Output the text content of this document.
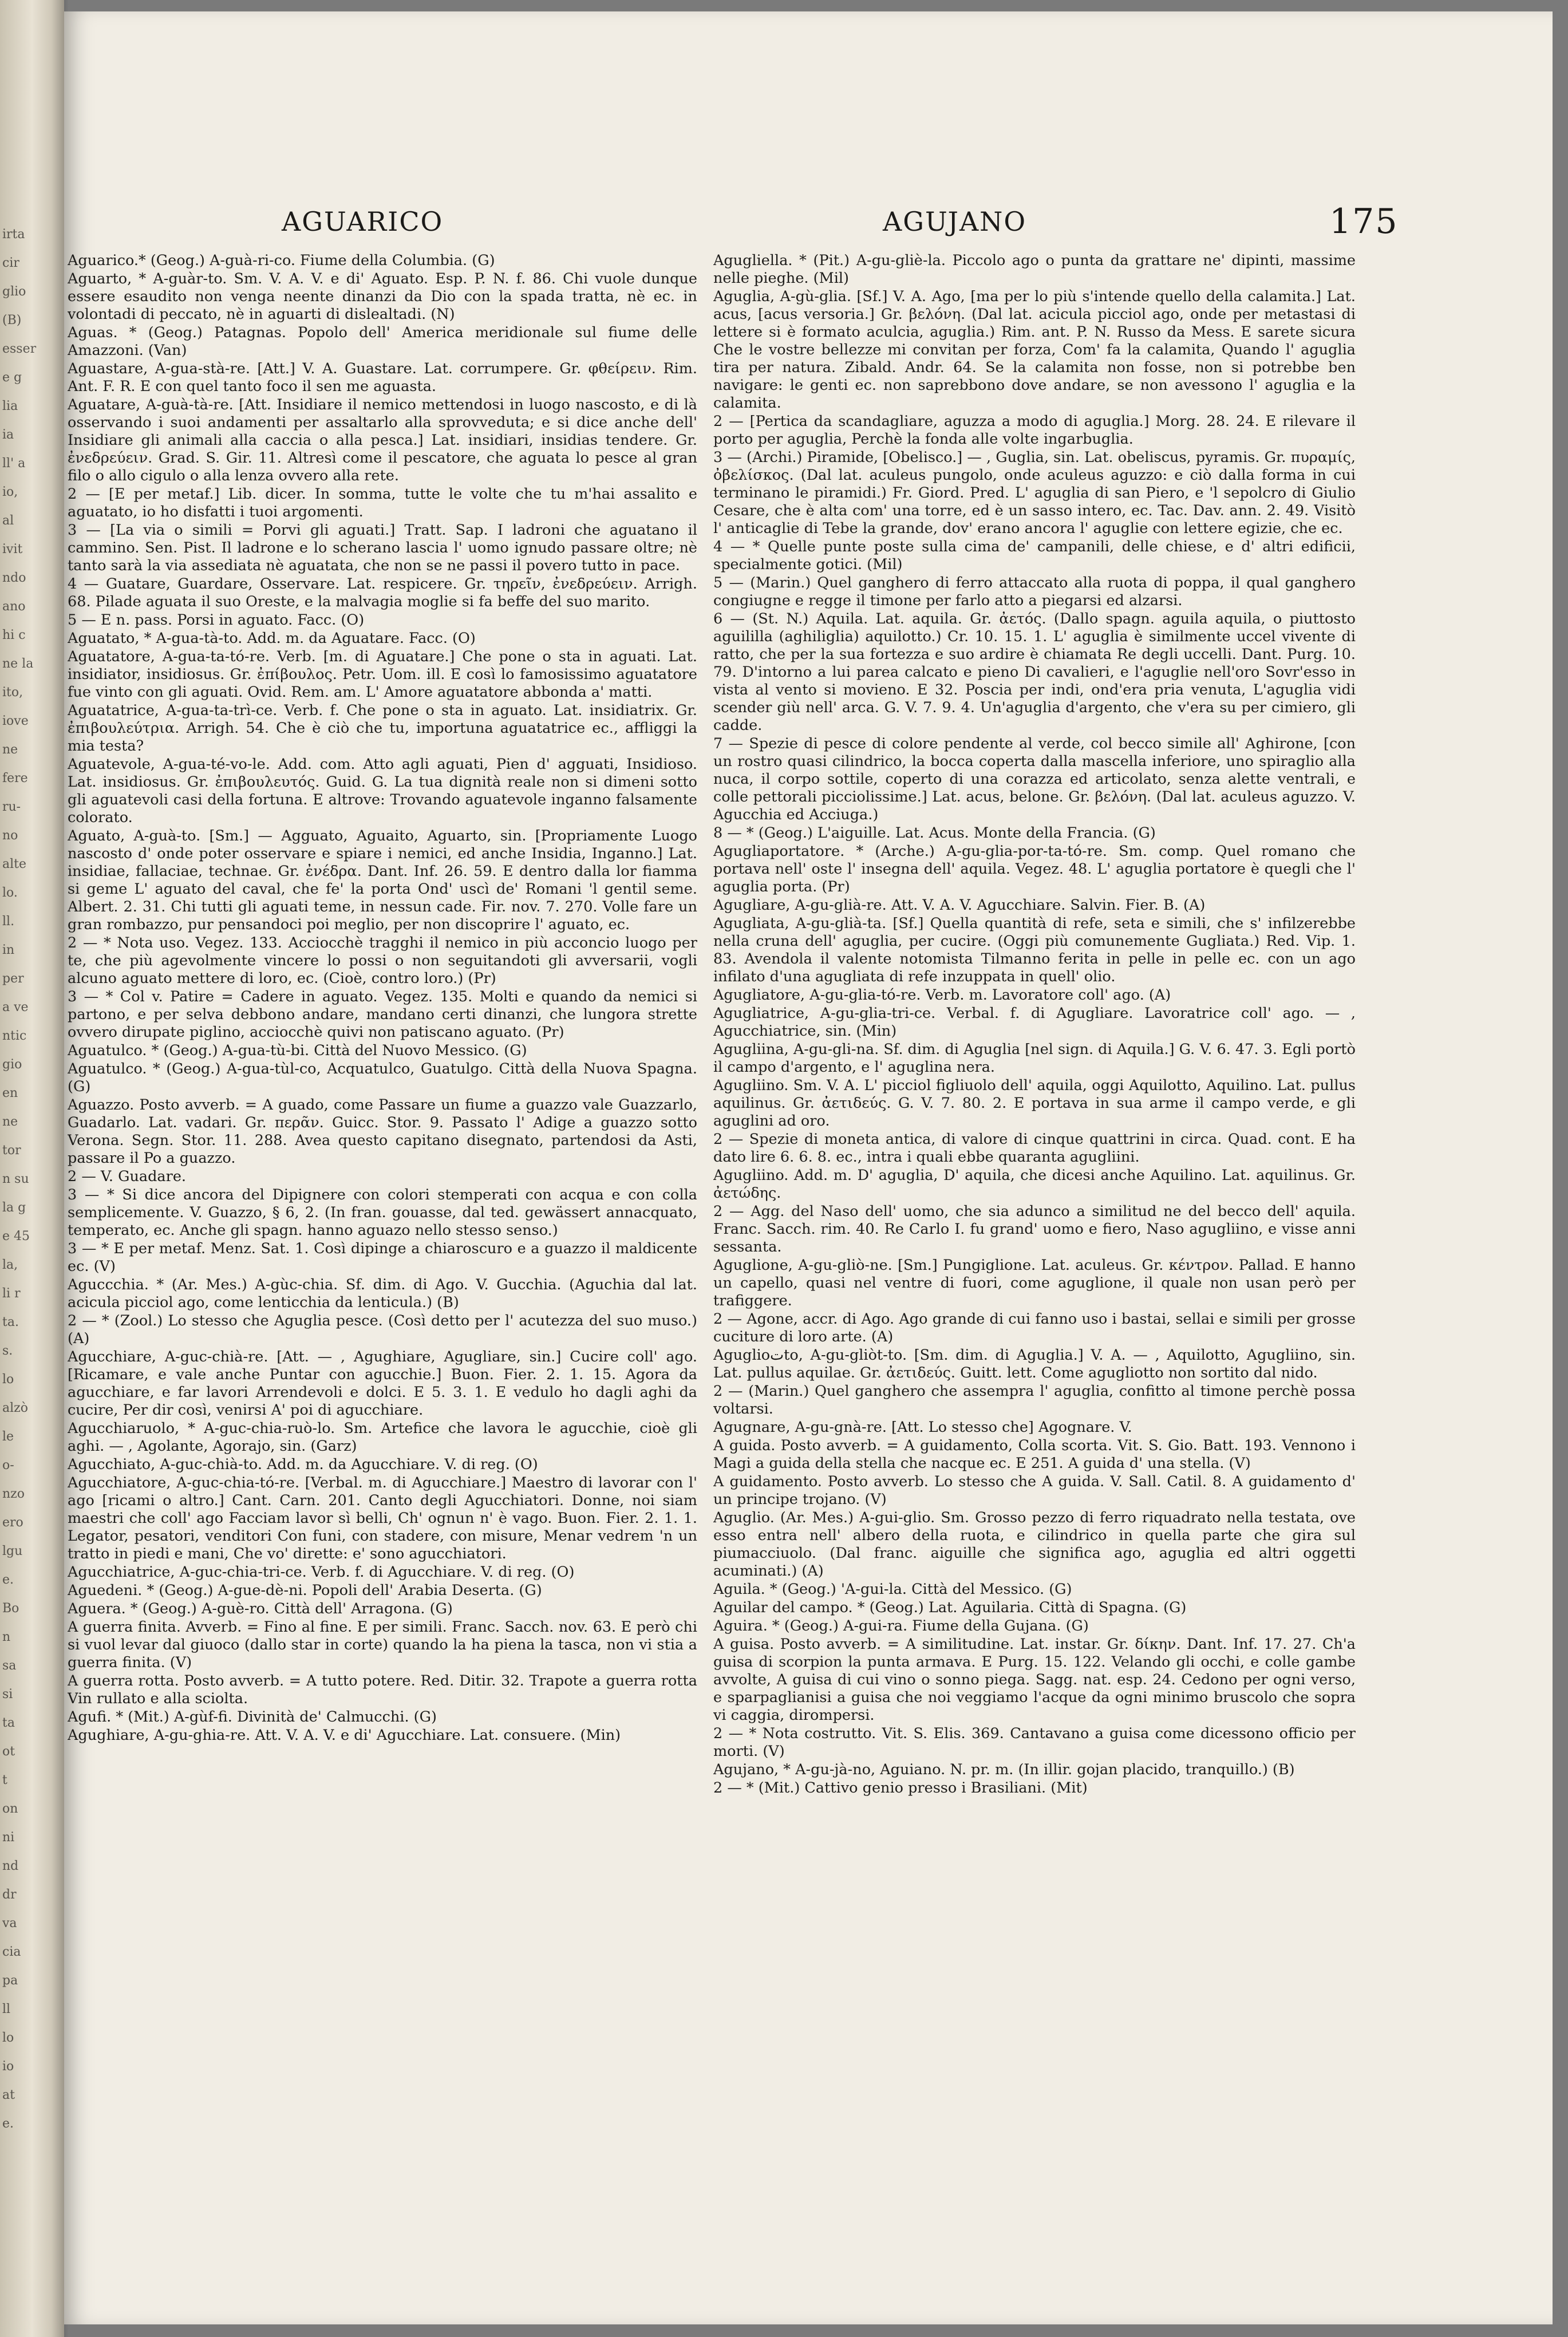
irta
cir
glio
(B)
esser
e g
lia
ia
ll' a
io,
al
ivit
ndo
ano
hi c
ne la
ito,
iove
ne
fere
ru-
no
alte
lo.
ll.
in
per
a ve
ntic
gio
en
ne
tor
n su
la g
e 45
la,
li r
ta.
s.
lo
alzò
le
o-
nzo
ero
lgu
e.
Bo
n
sa
si
ta
ot
t
on
ni
nd
dr
va
cia
pa
ll
lo
io
at
e.
AGUARICO	AGUJANO	175

Aguarico.* (Geog.) A-guà-ri-co. Fiume della Columbia. (G)

Aguarto, * A-guàr-to. Sm. V. A. V. e di' Aguato. Esp. P. N. f. 86. Chi vuole dunque essere esaudito non venga neente dinanzi da Dio con la spada tratta, nè ec. in volontadi di peccato, nè in aguarti di dislealtadi. (N)

Aguas. * (Geog.) Patagnas. Popolo dell' America meridionale sul fiume delle Amazzoni. (Van)

Aguastare, A-gua-stà-re. [Att.] V. A. Guastare. Lat. corrumpere. Gr. φθείρειν. Rim. Ant. F. R. E con quel tanto foco il sen me aguasta.

Aguatare, A-guà-tà-re. [Att. Insidiare il nemico mettendosi in luogo nascosto, e di là osservando i suoi andamenti per assaltarlo alla sprovveduta; e si dice anche dell' Insidiare gli animali alla caccia o alla pesca.] Lat. insidiari, insidias tendere. Gr. ἐνεδρεύειν. Grad. S. Gir. 11. Altresì come il pescatore, che aguata lo pesce al gran filo o allo cigulo o alla lenza ovvero alla rete.

2 — [E per metaf.] Lib. dicer. In somma, tutte le volte che tu m'hai assalito e aguatato, io ho disfatti i tuoi argomenti.

3 — [La via o simili = Porvi gli aguati.] Tratt. Sap. I ladroni che aguatano il cammino. Sen. Pist. Il ladrone e lo scherano lascia l' uomo ignudo passare oltre; nè tanto sarà la via assediata nè aguatata, che non se ne passi il povero tutto in pace.

4 — Guatare, Guardare, Osservare. Lat. respicere. Gr. τηρεῖν, ἐνεδρεύειν. Arrigh. 68. Pilade aguata il suo Oreste, e la malvagia moglie si fa beffe del suo marito.

5 — E n. pass. Porsi in aguato. Facc. (O)

Aguatato, * A-gua-tà-to. Add. m. da Aguatare. Facc. (O)

Aguatatore, A-gua-ta-tó-re. Verb. [m. di Aguatare.] Che pone o sta in aguati. Lat. insidiator, insidiosus. Gr. ἐπίβουλος. Petr. Uom. ill. E così lo famosissimo aguatatore fue vinto con gli aguati. Ovid. Rem. am. L' Amore aguatatore abbonda a' matti.

Aguatatrice, A-gua-ta-trì-ce. Verb. f. Che pone o sta in aguato. Lat. insidiatrix. Gr. ἐπιβουλεύτρια. Arrigh. 54. Che è ciò che tu, importuna aguatatrice ec., affliggi la mia testa?

Aguatevole, A-gua-té-vo-le. Add. com. Atto agli aguati, Pien d' agguati, Insidioso. Lat. insidiosus. Gr. ἐπιβουλευτός. Guid. G. La tua dignità reale non si dimeni sotto gli aguatevoli casi della fortuna. E altrove: Trovando aguatevole inganno falsamente colorato.

Aguato, A-guà-to. [Sm.] — Agguato, Aguaito, Aguarto, sin. [Propriamente Luogo nascosto d' onde poter osservare e spiare i nemici, ed anche Insidia, Inganno.] Lat. insidiae, fallaciae, technae. Gr. ἐνέδρα. Dant. Inf. 26. 59. E dentro dalla lor fiamma si geme L' aguato del caval, che fe' la porta Ond' uscì de' Romani 'l gentil seme. Albert. 2. 31. Chi tutti gli aguati teme, in nessun cade. Fir. nov. 7. 270. Volle fare un gran rombazzo, pur pensandoci poi meglio, per non discoprire l' aguato, ec.

2 — * Nota uso. Vegez. 133. Acciocchè tragghi il nemico in più acconcio luogo per te, che più agevolmente vincere lo possi o non seguitandoti gli avversarii, vogli alcuno aguato mettere di loro, ec. (Cioè, contro loro.) (Pr)

3 — * Col v. Patire = Cadere in aguato. Vegez. 135. Molti e quando da nemici si partono, e per selva debbono andare, mandano certi dinanzi, che lungora strette ovvero dirupate piglino, acciocchè quivi non patiscano aguato. (Pr)

Aguatulco. * (Geog.) A-gua-tù-bi. Città del Nuovo Messico. (G)

Aguatulco. * (Geog.) A-gua-tùl-co, Acquatulco, Guatulgo. Città della Nuova Spagna. (G)

Aguazzo. Posto avverb. = A guado, come Passare un fiume a guazzo vale Guazzarlo, Guadarlo. Lat. vadari. Gr. περᾶν. Guicc. Stor. 9. Passato l' Adige a guazzo sotto Verona. Segn. Stor. 11. 288. Avea questo capitano disegnato, partendosi da Asti, passare il Po a guazzo.

2 — V. Guadare.

3 — * Si dice ancora del Dipignere con colori stemperati con acqua e con colla semplicemente. V. Guazzo, § 6, 2. (In fran. gouasse, dal ted. gewässert annacquato, temperato, ec. Anche gli spagn. hanno aguazo nello stesso senso.)

3 — * E per metaf. Menz. Sat. 1. Così dipinge a chiaroscuro e a guazzo il maldicente ec. (V)

Aguccchia. * (Ar. Mes.) A-gùc-chia. Sf. dim. di Ago. V. Gucchia. (Aguchia dal lat. acicula picciol ago, come lenticchia da lenticula.) (B)

2 — * (Zool.) Lo stesso che Aguglia pesce. (Così detto per l' acutezza del suo muso.) (A)

Agucchiare, A-guc-chià-re. [Att. — , Agughiare, Agugliare, sin.] Cucire coll' ago. [Ricamare, e vale anche Puntar con agucchie.] Buon. Fier. 2. 1. 15. Agora da agucchiare, e far lavori Arrendevoli e dolci. E 5. 3. 1. E vedulo ho dagli aghi da cucire, Per dir così, venirsi A' poi di agucchiare.

Agucchiaruolo, * A-guc-chia-ruò-lo. Sm. Artefice che lavora le agucchie, cioè gli aghi. — , Agolante, Agorajo, sin. (Garz)

Agucchiato, A-guc-chià-to. Add. m. da Agucchiare. V. di reg. (O)

Agucchiatore, A-guc-chia-tó-re. [Verbal. m. di Agucchiare.] Maestro di lavorar con l' ago [ricami o altro.] Cant. Carn. 201. Canto degli Agucchiatori. Donne, noi siam maestri che coll' ago Facciam lavor sì belli, Ch' ognun n' è vago. Buon. Fier. 2. 1. 1. Legator, pesatori, venditori Con funi, con stadere, con misure, Menar vedrem 'n un tratto in piedi e mani, Che vo' dirette: e' sono agucchiatori.

Agucchiatrice, A-guc-chia-tri-ce. Verb. f. di Agucchiare. V. di reg. (O)

Aguedeni. * (Geog.) A-gue-dè-ni. Popoli dell' Arabia Deserta. (G)

Aguera. * (Geog.) A-guè-ro. Città dell' Arragona. (G)

A guerra finita. Avverb. = Fino al fine. E per simili. Franc. Sacch. nov. 63. E però chi si vuol levar dal giuoco (dallo star in corte) quando la ha piena la tasca, non vi stia a guerra finita. (V)

A guerra rotta. Posto avverb. = A tutto potere. Red. Ditir. 32. Trapote a guerra rotta Vin rullato e alla sciolta.

Agufi. * (Mit.) A-gùf-fi. Divinità de' Calmucchi. (G)

Agughiare, A-gu-ghia-re. Att. V. A. V. e di' Agucchiare. Lat. consuere. (Min)

Agugliella. * (Pit.) A-gu-gliè-la. Piccolo ago o punta da grattare ne' dipinti, massime nelle pieghe. (Mil)

Aguglia, A-gù-glia. [Sf.] V. A. Ago, [ma per lo più s'intende quello della calamita.] Lat. acus, [acus versoria.] Gr. βελόνη. (Dal lat. acicula picciol ago, onde per metastasi di lettere si è formato aculcia, aguglia.) Rim. ant. P. N. Russo da Mess. E sarete sicura Che le vostre bellezze mi convitan per forza, Com' fa la calamita, Quando l' aguglia tira per natura. Zibald. Andr. 64. Se la calamita non fosse, non si potrebbe ben navigare: le genti ec. non saprebbono dove andare, se non avessono l' aguglia e la calamita.

2 — [Pertica da scandagliare, aguzza a modo di aguglia.] Morg. 28. 24. E rilevare il porto per aguglia, Perchè la fonda alle volte ingarbuglia.

3 — (Archi.) Piramide, [Obelisco.] — , Guglia, sin. Lat. obeliscus, pyramis. Gr. πυραμίς, ὀβελίσκος. (Dal lat. aculeus pungolo, onde aculeus aguzzo: e ciò dalla forma in cui terminano le piramidi.) Fr. Giord. Pred. L' aguglia di san Piero, e 'l sepolcro di Giulio Cesare, che è alta com' una torre, ed è un sasso intero, ec. Tac. Dav. ann. 2. 49. Visitò l' anticaglie di Tebe la grande, dov' erano ancora l' aguglie con lettere egizie, che ec.

4 — * Quelle punte poste sulla cima de' campanili, delle chiese, e d' altri edificii, specialmente gotici. (Mil)

5 — (Marin.) Quel ganghero di ferro attaccato alla ruota di poppa, il qual ganghero congiugne e regge il timone per farlo atto a piegarsi ed alzarsi.

6 — (St. N.) Aquila. Lat. aquila. Gr. ἀετός. (Dallo spagn. aguila aquila, o piuttosto aguililla (aghiliglia) aquilotto.) Cr. 10. 15. 1. L' aguglia è similmente uccel vivente di ratto, che per la sua fortezza e suo ardire è chiamata Re degli uccelli. Dant. Purg. 10. 79. D'intorno a lui parea calcato e pieno Di cavalieri, e l'aguglie nell'oro Sovr'esso in vista al vento si movieno. E 32. Poscia per indi, ond'era pria venuta, L'aguglia vidi scender giù nell' arca. G. V. 7. 9. 4. Un'aguglia d'argento, che v'era su per cimiero, gli cadde.

7 — Spezie di pesce di colore pendente al verde, col becco simile all' Aghirone, [con un rostro quasi cilindrico, la bocca coperta dalla mascella inferiore, uno spiraglio alla nuca, il corpo sottile, coperto di una corazza ed articolato, senza alette ventrali, e colle pettorali picciolissime.] Lat. acus, belone. Gr. βελόνη. (Dal lat. aculeus aguzzo. V. Agucchia ed Acciuga.)

8 — * (Geog.) L'aiguille. Lat. Acus. Monte della Francia. (G)

Agugliaportatore. * (Arche.) A-gu-glia-por-ta-tó-re. Sm. comp. Quel romano che portava nell' oste l' insegna dell' aquila. Vegez. 48. L' aguglia portatore è quegli che l' aguglia porta. (Pr)

Agugliare, A-gu-glià-re. Att. V. A. V. Agucchiare. Salvin. Fier. B. (A)

Agugliata, A-gu-glià-ta. [Sf.] Quella quantità di refe, seta e simili, che s' infilzerebbe nella cruna dell' aguglia, per cucire. (Oggi più comunemente Gugliata.) Red. Vip. 1. 83. Avendola il valente notomista Tilmanno ferita in pelle in pelle ec. con un ago infilato d'una agugliata di refe inzuppata in quell' olio.

Agugliatore, A-gu-glia-tó-re. Verb. m. Lavoratore coll' ago. (A)

Agugliatrice, A-gu-glia-tri-ce. Verbal. f. di Agugliare. Lavoratrice coll' ago. — , Agucchiatrice, sin. (Min)

Agugliina, A-gu-gli-na. Sf. dim. di Aguglia [nel sign. di Aquila.] G. V. 6. 47. 3. Egli portò il campo d'argento, e l' aguglina nera.

Agugliino. Sm. V. A. L' picciol figliuolo dell' aquila, oggi Aquilotto, Aquilino. Lat. pullus aquilinus. Gr. ἀετιδεύς. G. V. 7. 80. 2. E portava in sua arme il campo verde, e gli aguglini ad oro.

2 — Spezie di moneta antica, di valore di cinque quattrini in circa. Quad. cont. E ha dato lire 6. 6. 8. ec., intra i quali ebbe quaranta agugliini.

Agugliino. Add. m. D' aguglia, D' aquila, che dicesi anche Aquilino. Lat. aquilinus. Gr. ἀετώδης.

2 — Agg. del Naso dell' uomo, che sia adunco a similitud ne del becco dell' aquila. Franc. Sacch. rim. 40. Re Carlo I. fu grand' uomo e fiero, Naso agugliino, e visse anni sessanta.

Aguglione, A-gu-gliò-ne. [Sm.] Pungiglione. Lat. aculeus. Gr. κέντρον. Pallad. E hanno un capello, quasi nel ventre di fuori, come aguglione, il quale non usan però per trafiggere.

2 — Agone, accr. di Ago. Ago grande di cui fanno uso i bastai, sellai e simili per grosse cuciture di loro arte. (A)

Aguglioتto, A-gu-gliòt-to. [Sm. dim. di Aguglia.] V. A. — , Aquilotto, Agugliino, sin. Lat. pullus aquilae. Gr. ἀετιδεύς. Guitt. lett. Come agugliotto non sortito dal nido.

2 — (Marin.) Quel ganghero che assempra l' aguglia, confitto al timone perchè possa voltarsi.

Agugnare, A-gu-gnà-re. [Att. Lo stesso che] Agognare. V.

A guida. Posto avverb. = A guidamento, Colla scorta. Vit. S. Gio. Batt. 193. Vennono i Magi a guida della stella che nacque ec. E 251. A guida d' una stella. (V)

A guidamento. Posto avverb. Lo stesso che A guida. V. Sall. Catil. 8. A guidamento d' un principe trojano. (V)

Aguglio. (Ar. Mes.) A-gui-glio. Sm. Grosso pezzo di ferro riquadrato nella testata, ove esso entra nell' albero della ruota, e cilindrico in quella parte che gira sul piumacciuolo. (Dal franc. aiguille che significa ago, aguglia ed altri oggetti acuminati.) (A)

Aguila. * (Geog.) 'A-gui-la. Città del Messico. (G)

Aguilar del campo. * (Geog.) Lat. Aguilaria. Città di Spagna. (G)

Aguira. * (Geog.) A-gui-ra. Fiume della Gujana. (G)

A guisa. Posto avverb. = A similitudine. Lat. instar. Gr. δίκην. Dant. Inf. 17. 27. Ch'a guisa di scorpion la punta armava. E Purg. 15. 122. Velando gli occhi, e colle gambe avvolte, A guisa di cui vino o sonno piega. Sagg. nat. esp. 24. Cedono per ogni verso, e sparpaglianisi a guisa che noi veggiamo l'acque da ogni minimo bruscolo che sopra vi caggia, dirompersi.

2 — * Nota costrutto. Vit. S. Elis. 369. Cantavano a guisa come dicessono officio per morti. (V)

Agujano, * A-gu-jà-no, Aguiano. N. pr. m. (In illir. gojan placido, tranquillo.) (B)

2 — * (Mit.) Cattivo genio presso i Brasiliani. (Mit)
